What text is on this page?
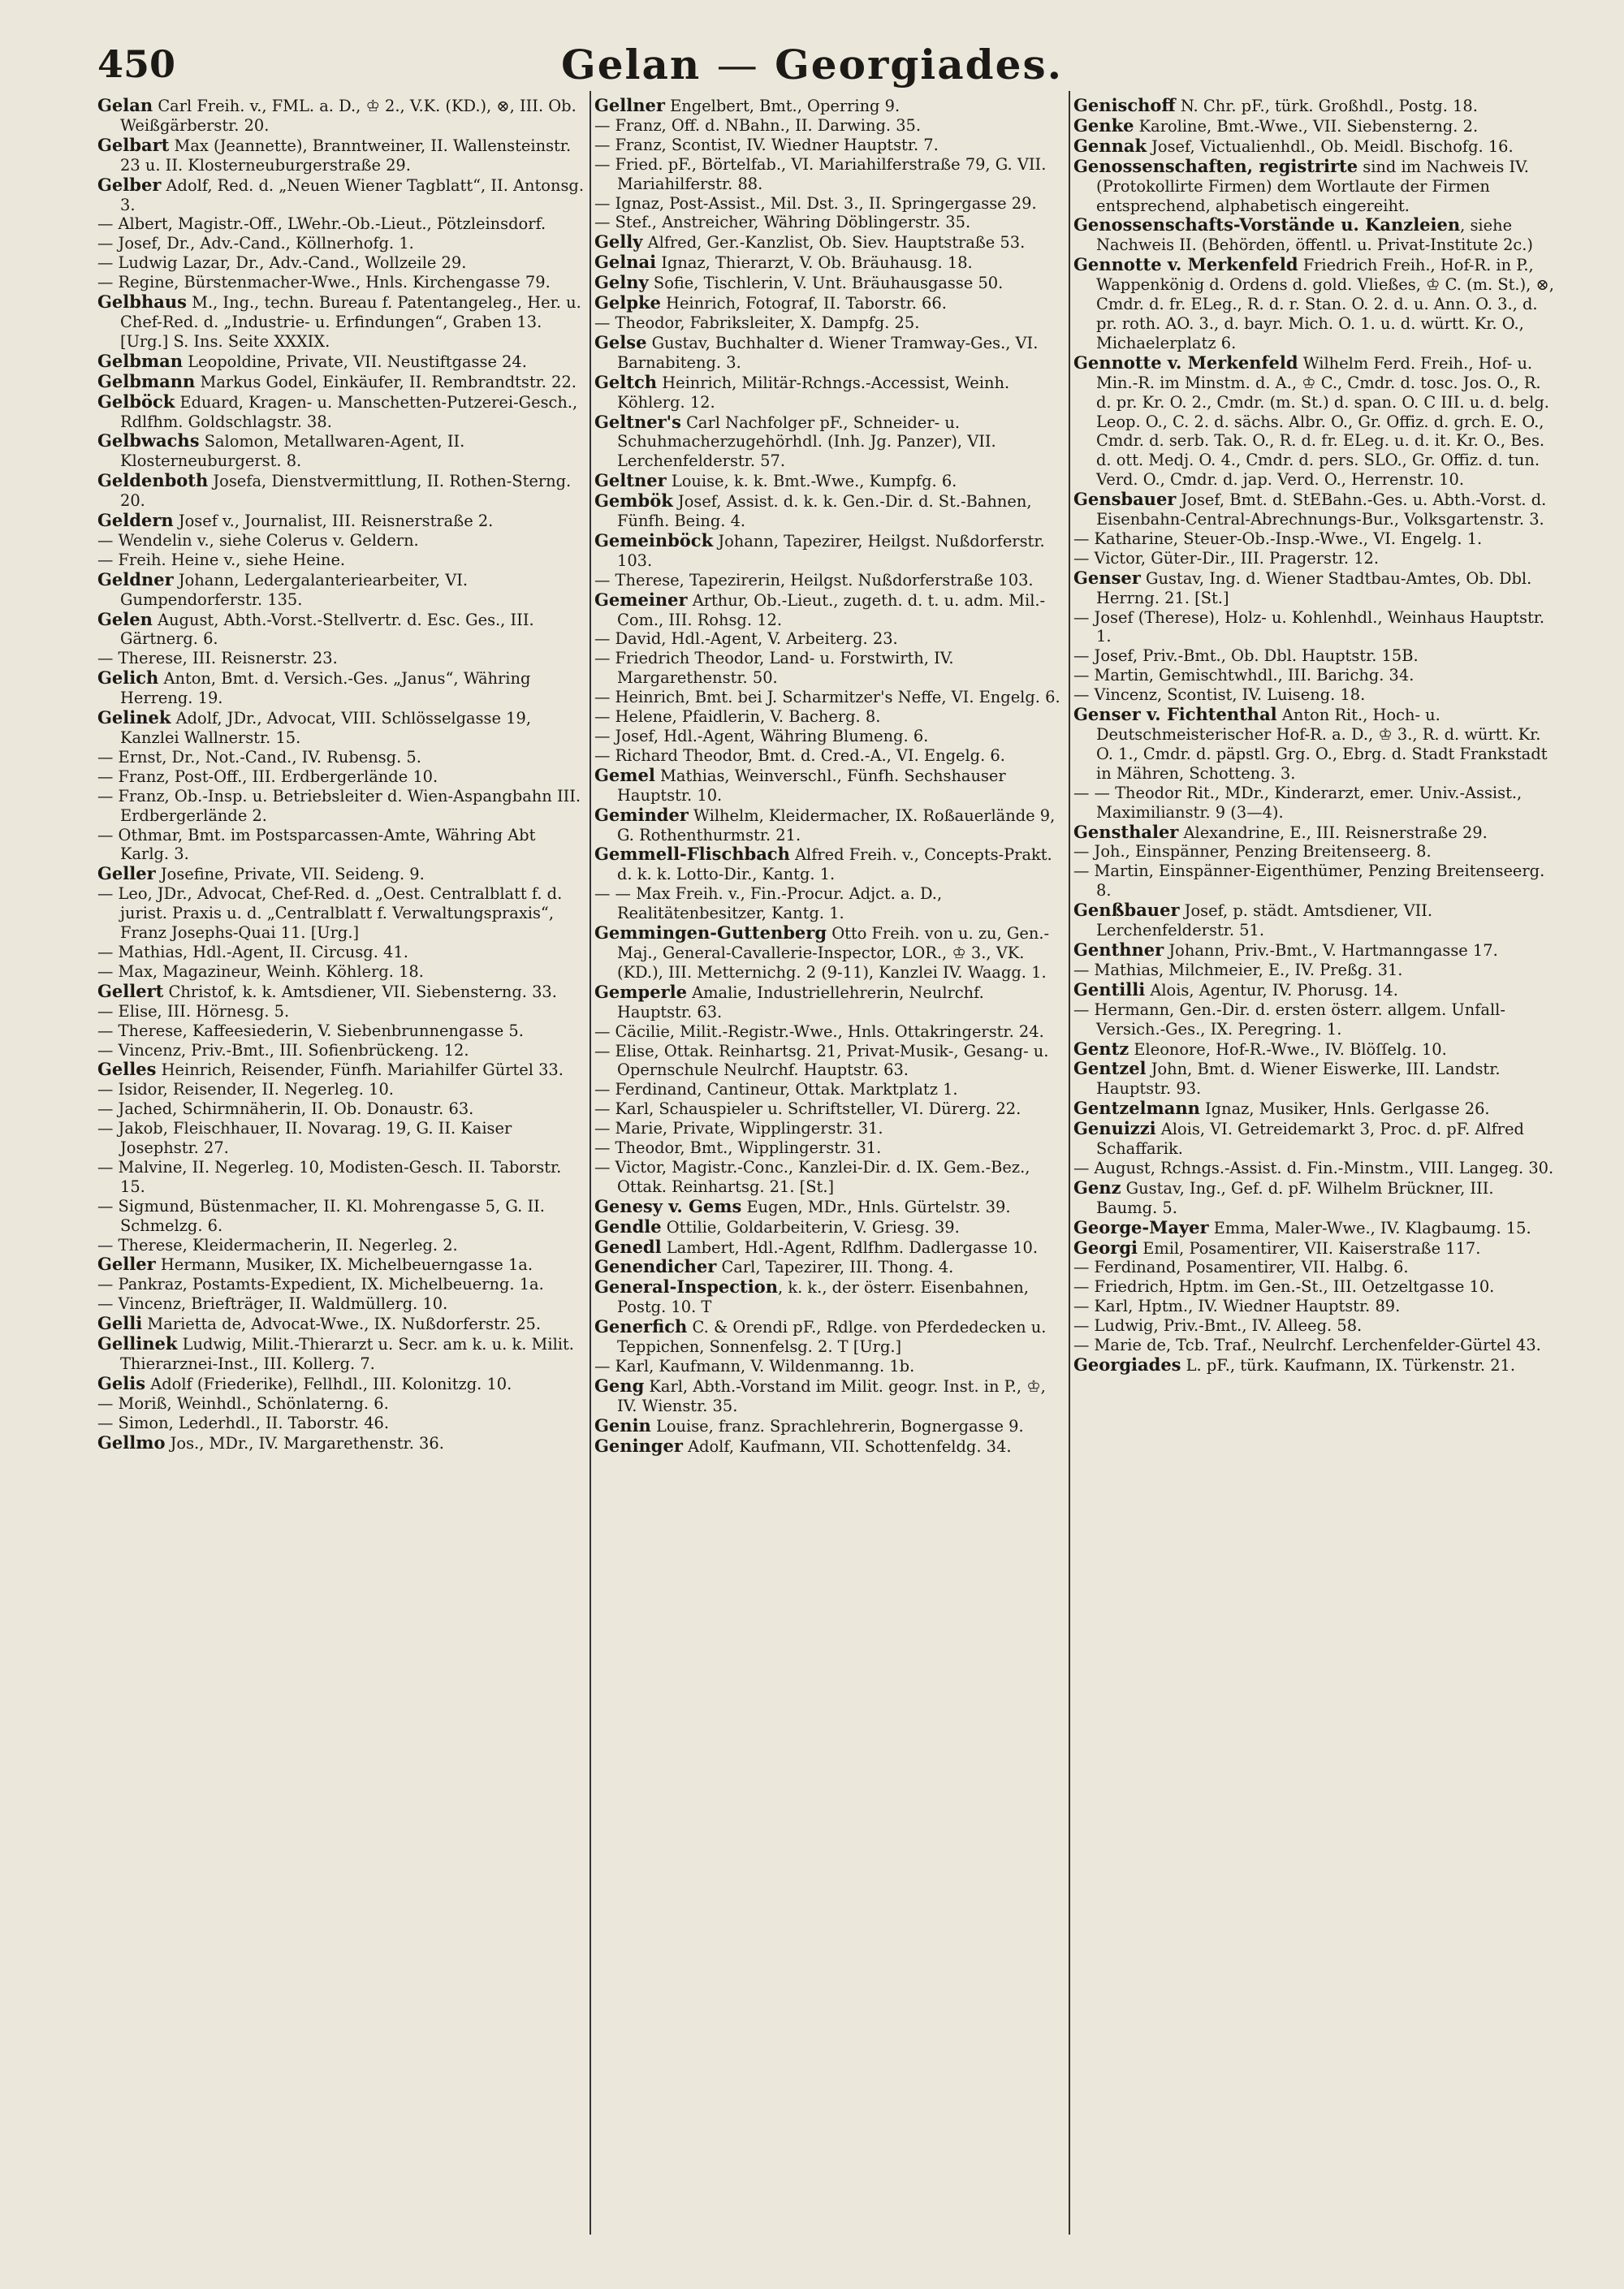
450	Gelan — Georgiades.

Gelan Carl Freih. v., FML. a. D., ♔ 2., V.K. (KD.), ⊗, III. Ob. Weißgärberstr. 20.

Gelbart Max (Jeannette), Branntweiner, II. Wallensteinstr. 23 u. II. Klosterneuburgerstraße 29.

Gelber Adolf, Red. d. „Neuen Wiener Tagblatt“, II. Antonsg. 3.

— Albert, Magistr.-Off., LWehr.-Ob.-Lieut., Pötzleinsdorf.

— Josef, Dr., Adv.-Cand., Köllnerhofg. 1.

— Ludwig Lazar, Dr., Adv.-Cand., Wollzeile 29.

— Regine, Bürstenmacher-Wwe., Hnls. Kirchengasse 79.

Gelbhaus M., Ing., techn. Bureau f. Patentangeleg., Her. u. Chef-Red. d. „Industrie- u. Erfindungen“, Graben 13. [Urg.] S. Ins. Seite XXXIX.

Gelbman Leopoldine, Private, VII. Neustiftgasse 24.

Gelbmann Markus Godel, Einkäufer, II. Rembrandtstr. 22.

Gelböck Eduard, Kragen- u. Manschetten-Putzerei-Gesch., Rdlfhm. Goldschlagstr. 38.

Gelbwachs Salomon, Metallwaren-Agent, II. Klosterneuburgerst. 8.

Geldenboth Josefa, Dienstvermittlung, II. Rothen-Sterng. 20.

Geldern Josef v., Journalist, III. Reisnerstraße 2.

— Wendelin v., siehe Colerus v. Geldern.

— Freih. Heine v., siehe Heine.

Geldner Johann, Ledergalanteriearbeiter, VI. Gumpendorferstr. 135.

Gelen August, Abth.-Vorst.-Stellvertr. d. Esc. Ges., III. Gärtnerg. 6.

— Therese, III. Reisnerstr. 23.

Gelich Anton, Bmt. d. Versich.-Ges. „Janus“, Währing Herreng. 19.

Gelinek Adolf, JDr., Advocat, VIII. Schlösselgasse 19, Kanzlei Wallnerstr. 15.

— Ernst, Dr., Not.-Cand., IV. Rubensg. 5.

— Franz, Post-Off., III. Erdbergerlände 10.

— Franz, Ob.-Insp. u. Betriebsleiter d. Wien-Aspangbahn III. Erdbergerlände 2.

— Othmar, Bmt. im Postsparcassen-Amte, Währing Abt Karlg. 3.

Geller Josefine, Private, VII. Seideng. 9.

— Leo, JDr., Advocat, Chef-Red. d. „Oest. Centralblatt f. d. jurist. Praxis u. d. „Centralblatt f. Verwaltungspraxis“, Franz Josephs-Quai 11. [Urg.]

— Mathias, Hdl.-Agent, II. Circusg. 41.

— Max, Magazineur, Weinh. Köhlerg. 18.

Gellert Christof, k. k. Amtsdiener, VII. Siebensterng. 33.

— Elise, III. Hörnesg. 5.

— Therese, Kaffeesiederin, V. Siebenbrunnengasse 5.

— Vincenz, Priv.-Bmt., III. Sofienbrückeng. 12.

Gelles Heinrich, Reisender, Fünfh. Mariahilfer Gürtel 33.

— Isidor, Reisender, II. Negerleg. 10.

— Jached, Schirmnäherin, II. Ob. Donaustr. 63.

— Jakob, Fleischhauer, II. Novarag. 19, G. II. Kaiser Josephstr. 27.

— Malvine, II. Negerleg. 10, Modisten-Gesch. II. Taborstr. 15.

— Sigmund, Büstenmacher, II. Kl. Mohrengasse 5, G. II. Schmelzg. 6.

— Therese, Kleidermacherin, II. Negerleg. 2.

Geller Hermann, Musiker, IX. Michelbeuerngasse 1a.

— Pankraz, Postamts-Expedient, IX. Michelbeuerng. 1a.

— Vincenz, Briefträger, II. Waldmüllerg. 10.

Gelli Marietta de, Advocat-Wwe., IX. Nußdorferstr. 25.

Gellinek Ludwig, Milit.-Thierarzt u. Secr. am k. u. k. Milit. Thierarznei-Inst., III. Kollerg. 7.

Gelis Adolf (Friederike), Fellhdl., III. Kolonitzg. 10.

— Moriß, Weinhdl., Schönlaterng. 6.

— Simon, Lederhdl., II. Taborstr. 46.

Gellmo Jos., MDr., IV. Margarethenstr. 36.

Gellner Engelbert, Bmt., Operring 9.

— Franz, Off. d. NBahn., II. Darwing. 35.

— Franz, Scontist, IV. Wiedner Hauptstr. 7.

— Fried. pF., Börtelfab., VI. Mariahilferstraße 79, G. VII. Mariahilferstr. 88.

— Ignaz, Post-Assist., Mil. Dst. 3., II. Springergasse 29.

— Stef., Anstreicher, Währing Döblingerstr. 35.

Gelly Alfred, Ger.-Kanzlist, Ob. Siev. Hauptstraße 53.

Gelnai Ignaz, Thierarzt, V. Ob. Bräuhausg. 18.

Gelny Sofie, Tischlerin, V. Unt. Bräuhausgasse 50.

Gelpke Heinrich, Fotograf, II. Taborstr. 66.

— Theodor, Fabriksleiter, X. Dampfg. 25.

Gelse Gustav, Buchhalter d. Wiener Tramway-Ges., VI. Barnabiteng. 3.

Geltch Heinrich, Militär-Rchngs.-Accessist, Weinh. Köhlerg. 12.

Geltner's Carl Nachfolger pF., Schneider- u. Schuhmacherzugehörhdl. (Inh. Jg. Panzer), VII. Lerchenfelderstr. 57.

Geltner Louise, k. k. Bmt.-Wwe., Kumpfg. 6.

Gembök Josef, Assist. d. k. k. Gen.-Dir. d. St.-Bahnen, Fünfh. Being. 4.

Gemeinböck Johann, Tapezirer, Heilgst. Nußdorferstr. 103.

— Therese, Tapezirerin, Heilgst. Nußdorferstraße 103.

Gemeiner Arthur, Ob.-Lieut., zugeth. d. t. u. adm. Mil.-Com., III. Rohsg. 12.

— David, Hdl.-Agent, V. Arbeiterg. 23.

— Friedrich Theodor, Land- u. Forstwirth, IV. Margarethenstr. 50.

— Heinrich, Bmt. bei J. Scharmitzer's Neffe, VI. Engelg. 6.

— Helene, Pfaidlerin, V. Bacherg. 8.

— Josef, Hdl.-Agent, Währing Blumeng. 6.

— Richard Theodor, Bmt. d. Cred.-A., VI. Engelg. 6.

Gemel Mathias, Weinverschl., Fünfh. Sechshauser Hauptstr. 10.

Geminder Wilhelm, Kleidermacher, IX. Roßauerlände 9, G. Rothenthurmstr. 21.

Gemmell-Flischbach Alfred Freih. v., Concepts-Prakt. d. k. k. Lotto-Dir., Kantg. 1.

— — Max Freih. v., Fin.-Procur. Adjct. a. D., Realitätenbesitzer, Kantg. 1.

Gemmingen-Guttenberg Otto Freih. von u. zu, Gen.-Maj., General-Cavallerie-Inspector, LOR., ♔ 3., VK. (KD.), III. Metternichg. 2 (9-11), Kanzlei IV. Waagg. 1.

Gemperle Amalie, Industriellehrerin, Neulrchf. Hauptstr. 63.

— Cäcilie, Milit.-Registr.-Wwe., Hnls. Ottakringerstr. 24.

— Elise, Ottak. Reinhartsg. 21, Privat-Musik-, Gesang- u. Opernschule Neulrchf. Hauptstr. 63.

— Ferdinand, Cantineur, Ottak. Marktplatz 1.

— Karl, Schauspieler u. Schriftsteller, VI. Dürerg. 22.

— Marie, Private, Wipplingerstr. 31.

— Theodor, Bmt., Wipplingerstr. 31.

— Victor, Magistr.-Conc., Kanzlei-Dir. d. IX. Gem.-Bez., Ottak. Reinhartsg. 21. [St.]

Genesy v. Gems Eugen, MDr., Hnls. Gürtelstr. 39.

Gendle Ottilie, Goldarbeiterin, V. Griesg. 39.

Genedl Lambert, Hdl.-Agent, Rdlfhm. Dadlergasse 10.

Genendicher Carl, Tapezirer, III. Thong. 4.

General-Inspection, k. k., der österr. Eisenbahnen, Postg. 10. T

Generfich C. & Orendi pF., Rdlge. von Pferdedecken u. Teppichen, Sonnenfelsg. 2. T [Urg.]

— Karl, Kaufmann, V. Wildenmanng. 1b.

Geng Karl, Abth.-Vorstand im Milit. geogr. Inst. in P., ♔, IV. Wienstr. 35.

Genin Louise, franz. Sprachlehrerin, Bognergasse 9.

Geninger Adolf, Kaufmann, VII. Schottenfeldg. 34.

Genischoff N. Chr. pF., türk. Großhdl., Postg. 18.

Genke Karoline, Bmt.-Wwe., VII. Siebensterng. 2.

Gennak Josef, Victualienhdl., Ob. Meidl. Bischofg. 16.

Genossenschaften, registrirte sind im Nachweis IV. (Protokollirte Firmen) dem Wortlaute der Firmen entsprechend, alphabetisch eingereiht.

Genossenschafts-Vorstände u. Kanzleien, siehe Nachweis II. (Behörden, öffentl. u. Privat-Institute 2c.)

Gennotte v. Merkenfeld Friedrich Freih., Hof-R. in P., Wappenkönig d. Ordens d. gold. Vließes, ♔ C. (m. St.), ⊗, Cmdr. d. fr. ELeg., R. d. r. Stan. O. 2. d. u. Ann. O. 3., d. pr. roth. AO. 3., d. bayr. Mich. O. 1. u. d. württ. Kr. O., Michaelerplatz 6.

Gennotte v. Merkenfeld Wilhelm Ferd. Freih., Hof- u. Min.-R. im Minstm. d. A., ♔ C., Cmdr. d. tosc. Jos. O., R. d. pr. Kr. O. 2., Cmdr. (m. St.) d. span. O. C III. u. d. belg. Leop. O., C. 2. d. sächs. Albr. O., Gr. Offiz. d. grch. E. O., Cmdr. d. serb. Tak. O., R. d. fr. ELeg. u. d. it. Kr. O., Bes. d. ott. Medj. O. 4., Cmdr. d. pers. SLO., Gr. Offiz. d. tun. Verd. O., Cmdr. d. jap. Verd. O., Herrenstr. 10.

Gensbauer Josef, Bmt. d. StEBahn.-Ges. u. Abth.-Vorst. d. Eisenbahn-Central-Abrechnungs-Bur., Volksgartenstr. 3.

— Katharine, Steuer-Ob.-Insp.-Wwe., VI. Engelg. 1.

— Victor, Güter-Dir., III. Pragerstr. 12.

Genser Gustav, Ing. d. Wiener Stadtbau-Amtes, Ob. Dbl. Herrng. 21. [St.]

— Josef (Therese), Holz- u. Kohlenhdl., Weinhaus Hauptstr. 1.

— Josef, Priv.-Bmt., Ob. Dbl. Hauptstr. 15B.

— Martin, Gemischtwhdl., III. Barichg. 34.

— Vincenz, Scontist, IV. Luiseng. 18.

Genser v. Fichtenthal Anton Rit., Hoch- u. Deutschmeisterischer Hof-R. a. D., ♔ 3., R. d. württ. Kr. O. 1., Cmdr. d. päpstl. Grg. O., Ebrg. d. Stadt Frankstadt in Mähren, Schotteng. 3.

— — Theodor Rit., MDr., Kinderarzt, emer. Univ.-Assist., Maximilianstr. 9 (3—4).

Gensthaler Alexandrine, E., III. Reisnerstraße 29.

— Joh., Einspänner, Penzing Breitenseerg. 8.

— Martin, Einspänner-Eigenthümer, Penzing Breitenseerg. 8.

Genßbauer Josef, p. städt. Amtsdiener, VII. Lerchenfelderstr. 51.

Genthner Johann, Priv.-Bmt., V. Hartmanngasse 17.

— Mathias, Milchmeier, E., IV. Preßg. 31.

Gentilli Alois, Agentur, IV. Phorusg. 14.

— Hermann, Gen.-Dir. d. ersten österr. allgem. Unfall-Versich.-Ges., IX. Peregring. 1.

Gentz Eleonore, Hof-R.-Wwe., IV. Blöſſelg. 10.

Gentzel John, Bmt. d. Wiener Eiswerke, III. Landstr. Hauptstr. 93.

Gentzelmann Ignaz, Musiker, Hnls. Gerlgasse 26.

Genuizzi Alois, VI. Getreidemarkt 3, Proc. d. pF. Alfred Schaffarik.

— August, Rchngs.-Assist. d. Fin.-Minstm., VIII. Langeg. 30.

Genz Gustav, Ing., Gef. d. pF. Wilhelm Brückner, III. Baumg. 5.

George-Mayer Emma, Maler-Wwe., IV. Klagbaumg. 15.

Georgi Emil, Posamentirer, VII. Kaiserstraße 117.

— Ferdinand, Posamentirer, VII. Halbg. 6.

— Friedrich, Hptm. im Gen.-St., III. Oetzeltgasse 10.

— Karl, Hptm., IV. Wiedner Hauptstr. 89.

— Ludwig, Priv.-Bmt., IV. Alleeg. 58.

— Marie de, Tcb. Traf., Neulrchf. Lerchenfelder-Gürtel 43.

Georgiades L. pF., türk. Kaufmann, IX. Türkenstr. 21.
